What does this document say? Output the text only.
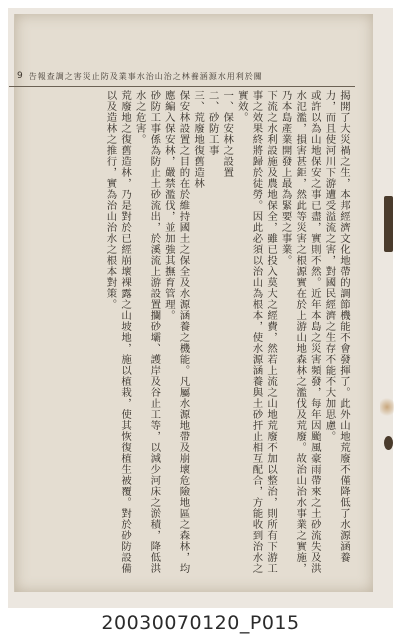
9 關於利用水源涵養林之治山治水事業及防止災害之調查報告

揭開了大災禍之生，本邦經濟文化地帶的調節機能不會發揮了。此外山地荒廢不僅降低了水源涵養力，而且使河川下游遭受溢流之害，對國民經濟之生存不能不大加思慮。

或許以為山地保安之事已盡，實則不然。近年本島之災害頻發，每年因颱風豪雨帶來之土砂流失及洪水氾濫，損害甚鉅，然此等災害之根源實在於上游山地森林之濫伐及荒廢。故治山治水事業之實施，乃本島產業開發上最為緊要之事業。

下流之水利設施及農地保全，雖已投入莫大之經費，然若上流之山地荒廢不加以整治，則所有下游工事之效果終將歸於徒勞。因此必須以治山為根本，使水源涵養與土砂扞止相互配合，方能收到治水之實效。

一、保安林之設置

二、砂防工事

三、荒廢地復舊造林

保安林設置之目的在於維持國土之保全及水源涵養之機能。凡屬水源地帶及崩壞危險地區之森林，均應編入保安林，嚴禁濫伐，並加強其撫育管理。

砂防工事係為防止土砂流出，於溪流上游設置攔砂壩、護岸及谷止工等，以減少河床之淤積，降低洪水之危害。

荒廢地之復舊造林，乃是對於已經崩壞裸露之山坡地，施以植栽，使其恢復植生被覆。對於砂防設備以及造林之推行，實為治山治水之根本對策。

20030070120_P015
